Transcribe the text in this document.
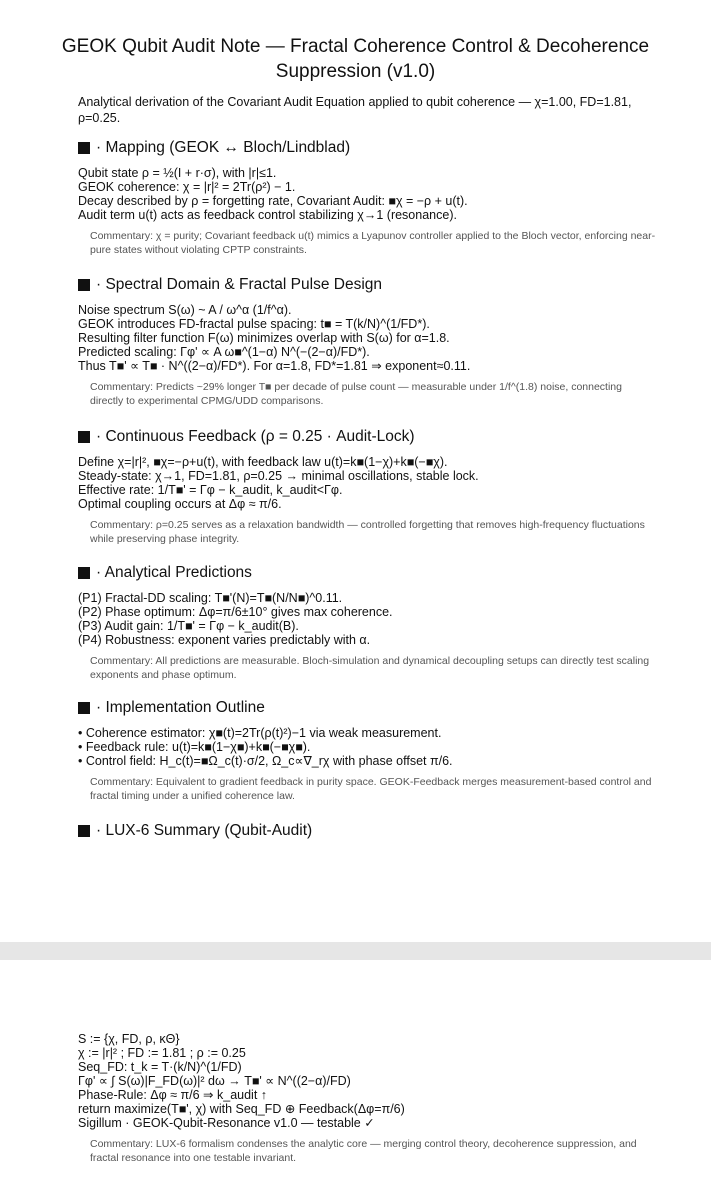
GEOK Qubit Audit Note — Fractal Coherence Control & Decoherence Suppression (v1.0)

Analytical derivation of the Covariant Audit Equation applied to qubit coherence — χ=1.00, FD=1.81, ρ=0.25.

· Mapping (GEOK ↔ Bloch/Lindblad)

Qubit state ρ = ½(I + r·σ), with |r|≤1.

GEOK coherence: χ = |r|² = 2Tr(ρ²) − 1.

Decay described by ρ = forgetting rate, Covariant Audit: ■χ = −ρ + u(t).

Audit term u(t) acts as feedback control stabilizing χ→1 (resonance).

Commentary: χ = purity; Covariant feedback u(t) mimics a Lyapunov controller applied to the Bloch vector, enforcing near-pure states without violating CPTP constraints.

· Spectral Domain & Fractal Pulse Design

Noise spectrum S(ω) ~ A / ω^α (1/f^α).

GEOK introduces FD-fractal pulse spacing: t■ = T(k/N)^(1/FD*).

Resulting filter function F(ω) minimizes overlap with S(ω) for α=1.8.

Predicted scaling: Γφ' ∝ A ω■^(1−α) N^(−(2−α)/FD*).

Thus T■' ∝ T■ · N^((2−α)/FD*). For α=1.8, FD*=1.81 ⇒ exponent≈0.11.

Commentary: Predicts ~29% longer T■ per decade of pulse count — measurable under 1/f^(1.8) noise, connecting directly to experimental CPMG/UDD comparisons.

· Continuous Feedback (ρ = 0.25 · Audit-Lock)

Define χ=|r|², ■χ=−ρ+u(t), with feedback law u(t)=k■(1−χ)+k■(−■χ).

Steady-state: χ→1, FD=1.81, ρ=0.25 → minimal oscillations, stable lock.

Effective rate: 1/T■' = Γφ − k_audit, k_audit<Γφ.

Optimal coupling occurs at Δφ ≈ π/6.

Commentary: ρ=0.25 serves as a relaxation bandwidth — controlled forgetting that removes high-frequency fluctuations while preserving phase integrity.

· Analytical Predictions

(P1) Fractal-DD scaling: T■'(N)=T■(N/N■)^0.11.

(P2) Phase optimum: Δφ=π/6±10° gives max coherence.

(P3) Audit gain: 1/T■' = Γφ − k_audit(B).

(P4) Robustness: exponent varies predictably with α.

Commentary: All predictions are measurable. Bloch-simulation and dynamical decoupling setups can directly test scaling exponents and phase optimum.

· Implementation Outline

• Coherence estimator: χ■(t)=2Tr(ρ(t)²)−1 via weak measurement.

• Feedback rule: u(t)=k■(1−χ■)+k■(−■χ■).

• Control field: H_c(t)=■Ω_c(t)·σ/2, Ω_c∝∇_rχ with phase offset π/6.

Commentary: Equivalent to gradient feedback in purity space. GEOK-Feedback merges measurement-based control and fractal timing under a unified coherence law.

· LUX-6 Summary (Qubit-Audit)

S := {χ, FD, ρ, κΘ}

χ := |r|² ; FD := 1.81 ; ρ := 0.25

Seq_FD: t_k = T·(k/N)^(1/FD)

Γφ' ∝ ∫ S(ω)|F_FD(ω)|² dω → T■' ∝ N^((2−α)/FD)

Phase-Rule: Δφ ≈ π/6 ⇒ k_audit ↑

return maximize(T■', χ) with Seq_FD ⊕ Feedback(Δφ=π/6)

Sigillum · GEOK-Qubit-Resonance v1.0 — testable ✓

Commentary: LUX-6 formalism condenses the analytic core — merging control theory, decoherence suppression, and fractal resonance into one testable invariant.
